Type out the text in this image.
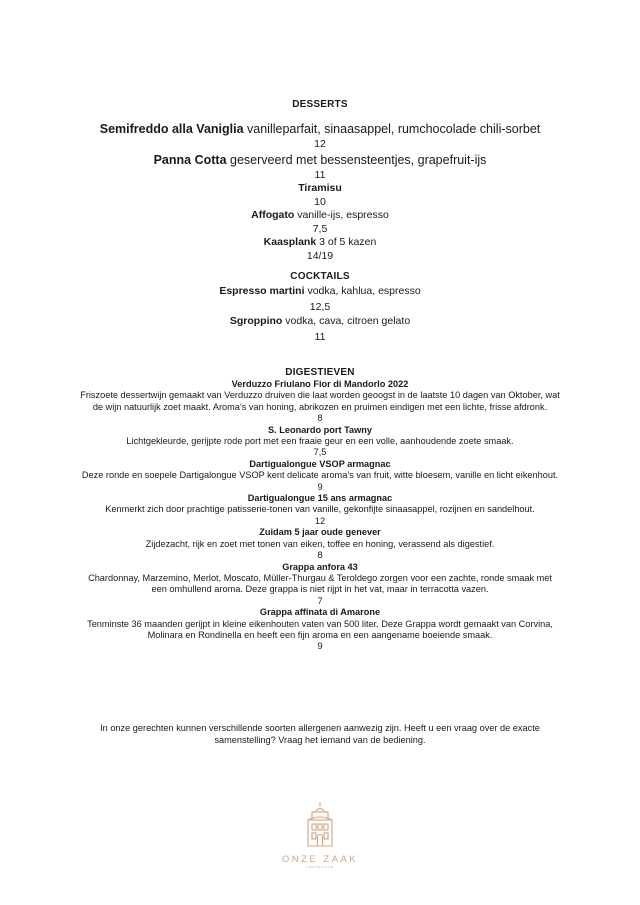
DESSERTS
Semifreddo alla Vaniglia vanilleparfait, sinaasappel, rumchocolade chili-sorbet
12
Panna Cotta geserveerd met bessensteentjes, grapefruit-ijs
11
Tiramisu
10
Affogato vanille-ijs, espresso
7,5
Kaasplank 3 of 5 kazen
14/19
COCKTAILS
Espresso martini vodka, kahlua, espresso
12,5
Sgroppino vodka, cava, citroen gelato
11
DIGESTIEVEN
Verduzzo Friulano Fior di Mandorlo 2022
Friszoete dessertwijn gemaakt van Verduzzo druiven die laat worden geoogst in de laatste 10 dagen van Oktober, wat de wijn natuurlijk zoet maakt. Aroma’s van honing, abrikozen en pruimen eindigen met een lichte, frisse afdronk.
8
S. Leonardo port Tawny
Lichtgekleurde, gerijpte rode port met een fraaie geur en een volle, aanhoudende zoete smaak.
7,5
Dartigualongue VSOP armagnac
Deze ronde en soepele Dartigalongue VSOP kent delicate aroma’s van fruit, witte bloesem, vanille en licht eikenhout.
9
Dartigualongue 15 ans armagnac
Kenmerkt zich door prachtige patisserie-tonen van vanille, gekonfijte sinaasappel, rozijnen en sandelhout.
12
Zuidam 5 jaar oude genever
Zijdezacht, rijk en zoet met tonen van eiken, toffee en honing, verassend als digestief.
8
Grappa anfora 43
Chardonnay, Marzemino, Merlot, Moscato, Müller-Thurgau & Teroldego zorgen voor een zachte, ronde smaak met een omhullend aroma. Deze grappa is niet rijpt in het vat, maar in terracotta vazen.
7
Grappa affinata di Amarone
Tenminste 36 maanden gerijpt in kleine eikenhouten vaten van 500 liter. Deze Grappa wordt gemaakt van Corvina, Molinara en Rondinella en heeft een fijn aroma en een aangename boeiende smaak.
9
In onze gerechten kunnen verschillende soorten allergenen aanwezig zijn. Heeft u een vraag over de exacte samenstelling? Vraag het iemand van de bediening.
ONZE ZAAK
AMSTERDAM
